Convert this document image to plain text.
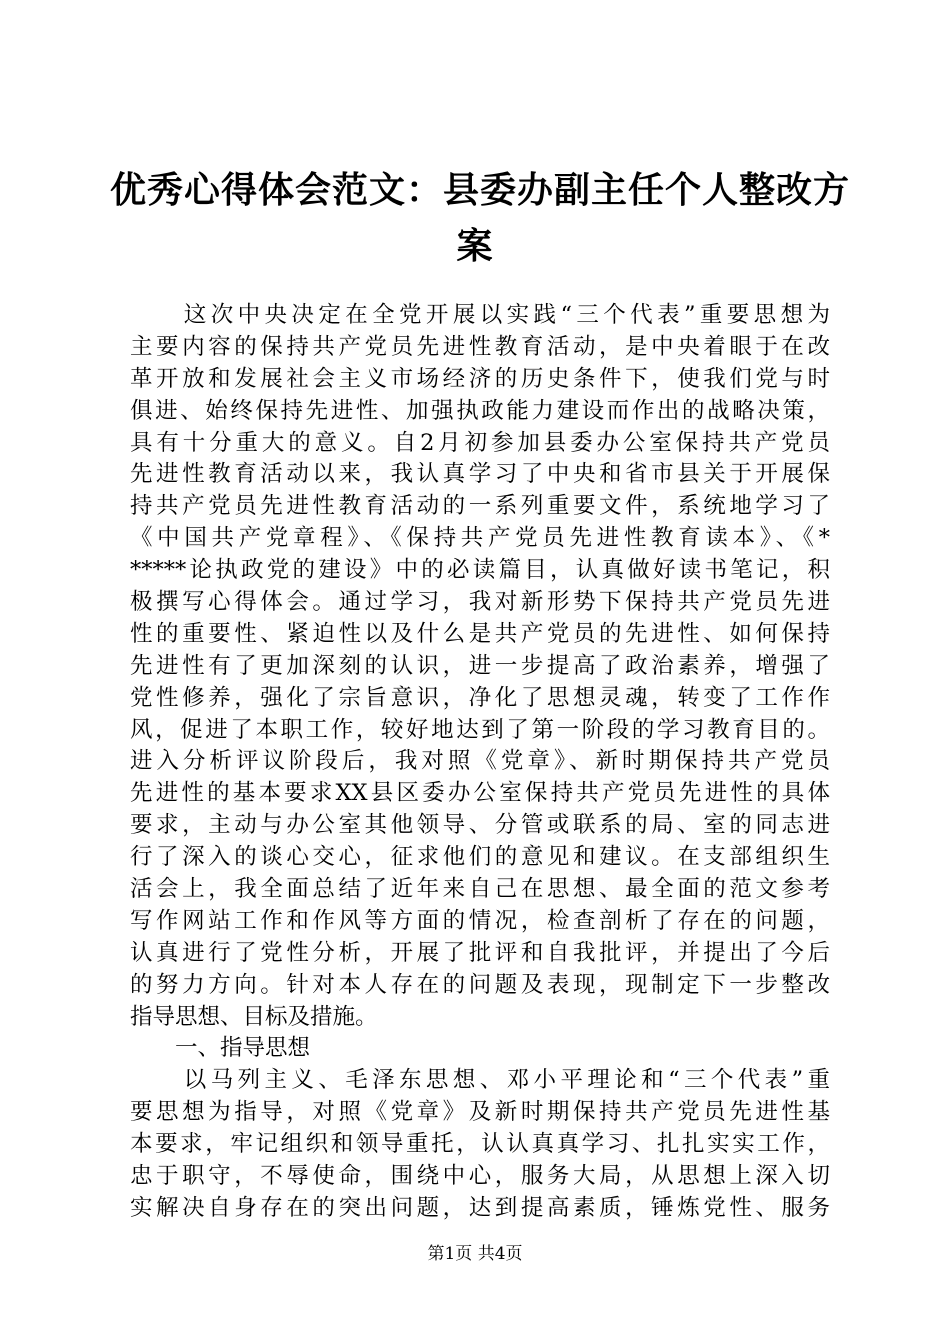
优秀心得体会范文：县委办副主任个人整改方
案
　　这次中央决定在全党开展以实践“三个代表”重要思想为
主要内容的保持共产党员先进性教育活动，是中央着眼于在改
革开放和发展社会主义市场经济的历史条件下，使我们党与时
俱进、始终保持先进性、加强执政能力建设而作出的战略决策，
具有十分重大的意义。自2月初参加县委办公室保持共产党员
先进性教育活动以来，我认真学习了中央和省市县关于开展保
持共产党员先进性教育活动的一系列重要文件，系统地学习了
《中国共产党章程》、《保持共产党员先进性教育读本》、《*
*****论执政党的建设》中的必读篇目，认真做好读书笔记，积
极撰写心得体会。通过学习，我对新形势下保持共产党员先进
性的重要性、紧迫性以及什么是共产党员的先进性、如何保持
先进性有了更加深刻的认识，进一步提高了政治素养，增强了
党性修养，强化了宗旨意识，净化了思想灵魂，转变了工作作
风，促进了本职工作，较好地达到了第一阶段的学习教育目的。
进入分析评议阶段后，我对照《党章》、新时期保持共产党员
先进性的基本要求XX县区委办公室保持共产党员先进性的具体
要求，主动与办公室其他领导、分管或联系的局、室的同志进
行了深入的谈心交心，征求他们的意见和建议。在支部组织生
活会上，我全面总结了近年来自己在思想、最全面的范文参考
写作网站工作和作风等方面的情况，检查剖析了存在的问题，
认真进行了党性分析，开展了批评和自我批评，并提出了今后
的努力方向。针对本人存在的问题及表现，现制定下一步整改
指导思想、目标及措施。
　　一、指导思想
　　以马列主义、毛泽东思想、邓小平理论和“三个代表”重
要思想为指导，对照《党章》及新时期保持共产党员先进性基
本要求，牢记组织和领导重托，认认真真学习、扎扎实实工作，
忠于职守，不辱使命，围绕中心，服务大局，从思想上深入切
实解决自身存在的突出问题，达到提高素质，锤炼党性、服务
第1页 共4页
